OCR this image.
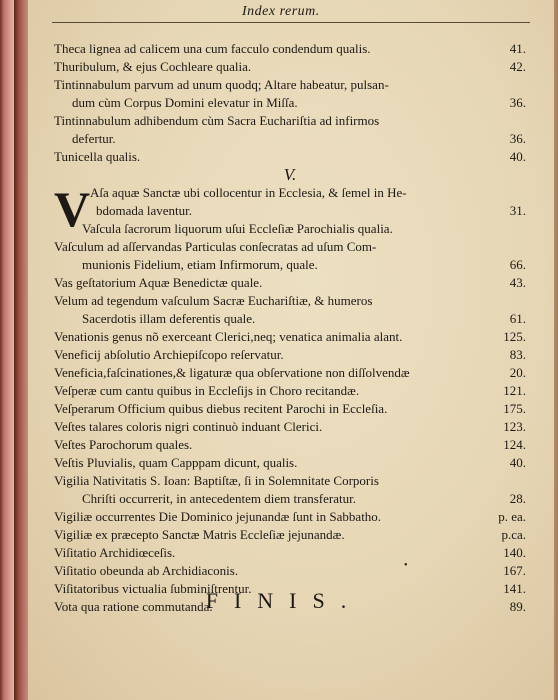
Index rerum.
Theca lignea ad calicem una cum facculo condendum qualis.	41.
Thuribulum, & ejus Cochleare qualia.	42.
Tintinnabulum parvum ad unum quodq; Altare habeatur, pulsan-
dum cùm Corpus Domini elevatur in Miſſa.	36.
Tintinnabulum adhibendum cùm Sacra Euchariſtia ad infirmos
defertur.	36.
Tunicella qualis.	40.
V.
V Aſa aquæ Sanctæ ubi collocentur in Ecclesia, & ſemel in He-
bdomada laventur.	31.
Vaſcula ſacrorum liquorum uſui Eccleſiæ Parochialis qualia.
Vaſculum ad aſſervandas Particulas conſecratas ad uſum Com-
munionis Fidelium, etiam Infirmorum, quale.	66.
Vas geſtatorium Aquæ Benedictæ quale.	43.
Velum ad tegendum vaſculum Sacræ Euchariſtiæ, & humeros
Sacerdotis illam deferentis quale.	61.
Venationis genus nõ exerceant Clerici,neq; venatica animalia alant.	125.
Veneficij abſolutio Archiepiſcopo reſervatur.	83.
Veneficia,faſcinationes,& ligaturæ qua obſervatione non diſſolvendæ	20.
Veſperæ cum cantu quibus in Eccleſijs in Choro recitandæ.	121.
Veſperarum Officium quibus diebus recitent Parochi in Eccleſia.	175.
Veſtes talares coloris nigri continuò induant Clerici.	123.
Veſtes Parochorum quales.	124.
Veſtis Pluvialis, quam Capppam dicunt, qualis.	40.
Vigilia Nativitatis S. Ioan: Baptiſtæ, ſi in Solemnitate Corporis
Chriſti occurrerit, in antecedentem diem transferatur.	28.
Vigiliæ occurrentes Die Dominico jejunandæ ſunt in Sabbatho.	p. ea.
Vigiliæ ex præcepto Sanctæ Matris Eccleſiæ jejunandæ.	p.ca.
Viſitatio Archidiœceſis.	140.
Viſitatio obeunda ab Archidiaconis.	167.
Viſitatoribus victualia ſubminiſtrentur.	141.
Vota qua ratione commutanda.	89.
•
FINIS.
